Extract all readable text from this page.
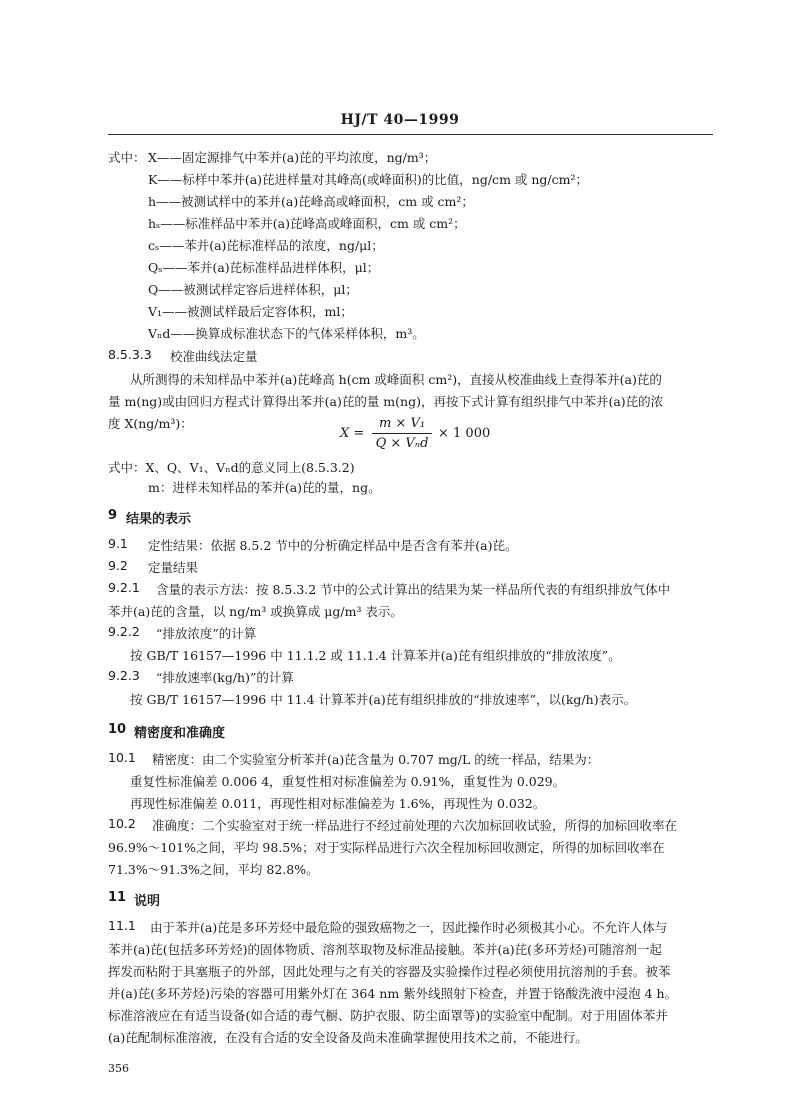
HJ/T 40—1999
式中： X——固定源排气中苯并(a)芘的平均浓度，ng/m³；
K——标样中苯并(a)芘进样量对其峰高(或峰面积)的比值，ng/cm 或 ng/cm²；
h——被测试样中的苯并(a)芘峰高或峰面积，cm 或 cm²；
hₛ——标准样品中苯并(a)芘峰高或峰面积，cm 或 cm²；
cₛ——苯并(a)芘标准样品的浓度，ng/μl；
Qₛ——苯并(a)芘标准样品进样体积，μl；
Q——被测试样定容后进样体积，μl；
V₁——被测试样最后定容体积，ml；
Vₙd——换算成标准状态下的气体采样体积，m³。
8.5.3.3 校准曲线法定量
从所测得的未知样品中苯并(a)芘峰高 h(cm 或峰面积 cm²)，直接从校准曲线上查得苯并(a)芘的
量 m(ng)或由回归方程式计算得出苯并(a)芘的量 m(ng)，再按下式计算有组织排气中苯并(a)芘的浓
度 X(ng/m³)：
X =
m × V₁
Q × Vₙd
× 1 000
式中：X、Q、V₁、Vₙd的意义同上(8.5.3.2)
m：进样未知样品的苯并(a)芘的量，ng。
9 结果的表示
9.1 定性结果：依据 8.5.2 节中的分析确定样品中是否含有苯并(a)芘。
9.2 定量结果
9.2.1 含量的表示方法：按 8.5.3.2 节中的公式计算出的结果为某一样品所代表的有组织排放气体中
苯并(a)芘的含量，以 ng/m³ 或换算成 μg/m³ 表示。
9.2.2 “排放浓度”的计算
按 GB/T 16157—1996 中 11.1.2 或 11.1.4 计算苯并(a)芘有组织排放的“排放浓度”。
9.2.3 “排放速率(kg/h)”的计算
按 GB/T 16157—1996 中 11.4 计算苯并(a)芘有组织排放的“排放速率”，以(kg/h)表示。
10 精密度和准确度
10.1 精密度：由二个实验室分析苯并(a)芘含量为 0.707 mg/L 的统一样品，结果为：
重复性标准偏差 0.006 4，重复性相对标准偏差为 0.91%，重复性为 0.029。
再现性标准偏差 0.011，再现性相对标准偏差为 1.6%，再现性为 0.032。
10.2 准确度：二个实验室对于统一样品进行不经过前处理的六次加标回收试验，所得的加标回收率在
96.9%～101%之间，平均 98.5%；对于实际样品进行六次全程加标回收测定，所得的加标回收率在
71.3%～91.3%之间，平均 82.8%。
11 说明
11.1 由于苯并(a)芘是多环芳烃中最危险的强致癌物之一，因此操作时必须极其小心。不允许人体与
苯并(a)芘(包括多环芳烃)的固体物质、溶剂萃取物及标准品接触。苯并(a)芘(多环芳烃)可随溶剂一起
挥发而粘附于具塞瓶子的外部，因此处理与之有关的容器及实验操作过程必须使用抗溶剂的手套。被苯
并(a)芘(多环芳烃)污染的容器可用紫外灯在 364 nm 紫外线照射下检查，并置于铬酸洗液中浸泡 4 h。
标准溶液应在有适当设备(如合适的毒气橱、防护衣服、防尘面罩等)的实验室中配制。对于用固体苯并
(a)芘配制标准溶液，在没有合适的安全设备及尚未准确掌握使用技术之前，不能进行。
356
